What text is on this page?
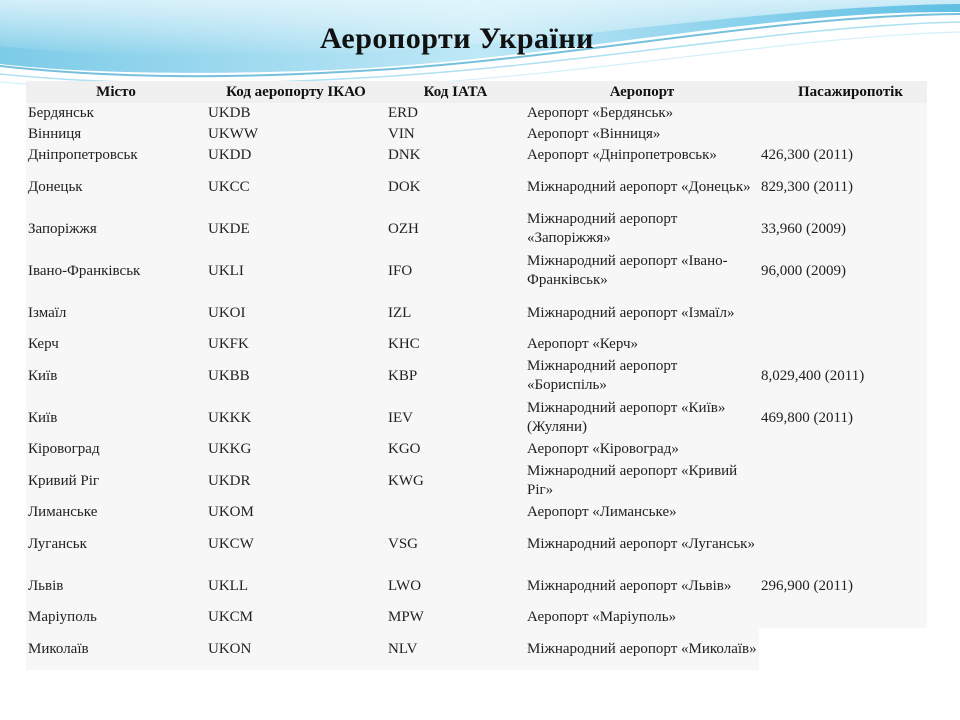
Аеропорти України
Місто	Код аеропорту ІКАО	Код IATA	Аеропорт	Пасажиропотік
Бердянськ	UKDB	ERD	Аеропорт «Бердянськ»	
Вінниця	UKWW	VIN	Аеропорт «Вінниця»	
Дніпропетровськ	UKDD	DNK	Аеропорт «Дніпропетровськ»	426,300 (2011)
Донецьк	UKCC	DOK	Міжнародний аеропорт «Донецьк»	829,300 (2011)
Запоріжжя	UKDE	OZH	Міжнародний аеропорт «Запоріжжя»	33,960 (2009)
Івано-Франківськ	UKLI	IFO	Міжнародний аеропорт «Івано-Франківськ»	96,000 (2009)
Ізмаїл	UKOI	IZL	Міжнародний аеропорт «Ізмаїл»	
Керч	UKFK	KHC	Аеропорт «Керч»	
Київ	UKBB	KBP	Міжнародний аеропорт «Бориспіль»	8,029,400 (2011)
Київ	UKKK	IEV	Міжнародний аеропорт «Київ» (Жуляни)	469,800 (2011)
Кіровоград	UKKG	KGO	Аеропорт «Кіровоград»	
Кривий Ріг	UKDR	KWG	Міжнародний аеропорт «Кривий Ріг»	
Лиманське	UKOM		Аеропорт «Лиманське»	
Луганськ	UKCW	VSG	Міжнародний аеропорт «Луганськ»	
Львів	UKLL	LWO	Міжнародний аеропорт «Львів»	296,900 (2011)
Маріуполь	UKCM	MPW	Аеропорт «Маріуполь»	
Миколаїв	UKON	NLV	Міжнародний аеропорт «Миколаїв»	
